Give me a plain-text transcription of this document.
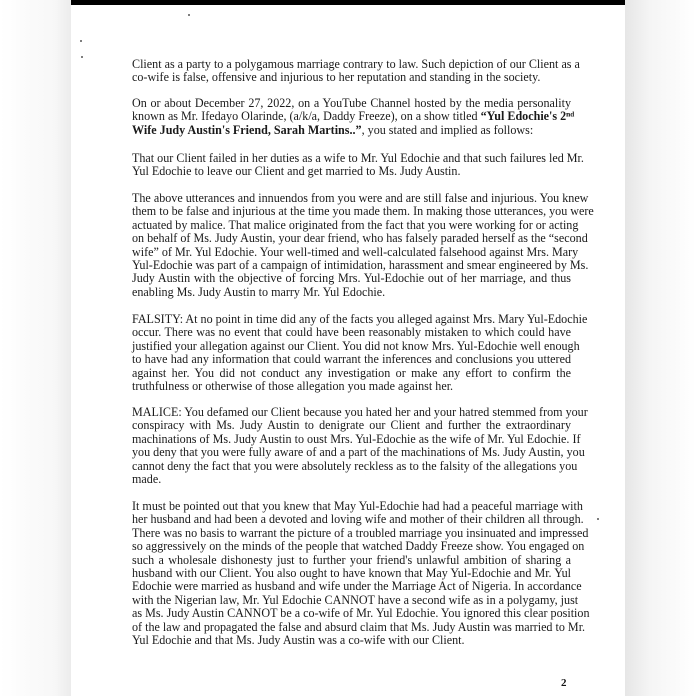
Client as a party to a polygamous marriage contrary to law. Such depiction of our Client as a
co-wife is false, offensive and injurious to her reputation and standing in the society.
On or about December 27, 2022, on a YouTube Channel hosted by the media personality
known as Mr. Ifedayo Olarinde, (a/k/a, Daddy Freeze), on a show titled “Yul Edochie's 2ⁿᵈ
Wife Judy Austin's Friend, Sarah Martins..”, you stated and implied as follows:
That our Client failed in her duties as a wife to Mr. Yul Edochie and that such failures led Mr.
Yul Edochie to leave our Client and get married to Ms. Judy Austin.
The above utterances and innuendos from you were and are still false and injurious. You knew
them to be false and injurious at the time you made them. In making those utterances, you were
actuated by malice. That malice originated from the fact that you were working for or acting
on behalf of Ms. Judy Austin, your dear friend, who has falsely paraded herself as the “second
wife” of Mr. Yul Edochie. Your well-timed and well-calculated falsehood against Mrs. Mary
Yul-Edochie was part of a campaign of intimidation, harassment and smear engineered by Ms.
Judy Austin with the objective of forcing Mrs. Yul-Edochie out of her marriage, and thus
enabling Ms. Judy Austin to marry Mr. Yul Edochie.
FALSITY: At no point in time did any of the facts you alleged against Mrs. Mary Yul-Edochie
occur. There was no event that could have been reasonably mistaken to which could have
justified your allegation against our Client. You did not know Mrs. Yul-Edochie well enough
to have had any information that could warrant the inferences and conclusions you uttered
against her. You did not conduct any investigation or make any effort to confirm the
truthfulness or otherwise of those allegation you made against her.
MALICE: You defamed our Client because you hated her and your hatred stemmed from your
conspiracy with Ms. Judy Austin to denigrate our Client and further the extraordinary
machinations of Ms. Judy Austin to oust Mrs. Yul-Edochie as the wife of Mr. Yul Edochie. If
you deny that you were fully aware of and a part of the machinations of Ms. Judy Austin, you
cannot deny the fact that you were absolutely reckless as to the falsity of the allegations you
made.
It must be pointed out that you knew that May Yul-Edochie had had a peaceful marriage with
her husband and had been a devoted and loving wife and mother of their children all through.
There was no basis to warrant the picture of a troubled marriage you insinuated and impressed
so aggressively on the minds of the people that watched Daddy Freeze show. You engaged on
such a wholesale dishonesty just to further your friend's unlawful ambition of sharing a
husband with our Client. You also ought to have known that May Yul-Edochie and Mr. Yul
Edochie were married as husband and wife under the Marriage Act of Nigeria. In accordance
with the Nigerian law, Mr. Yul Edochie CANNOT have a second wife as in a polygamy, just
as Ms. Judy Austin CANNOT be a co-wife of Mr. Yul Edochie. You ignored this clear position
of the law and propagated the false and absurd claim that Ms. Judy Austin was married to Mr.
Yul Edochie and that Ms. Judy Austin was a co-wife with our Client.
2
